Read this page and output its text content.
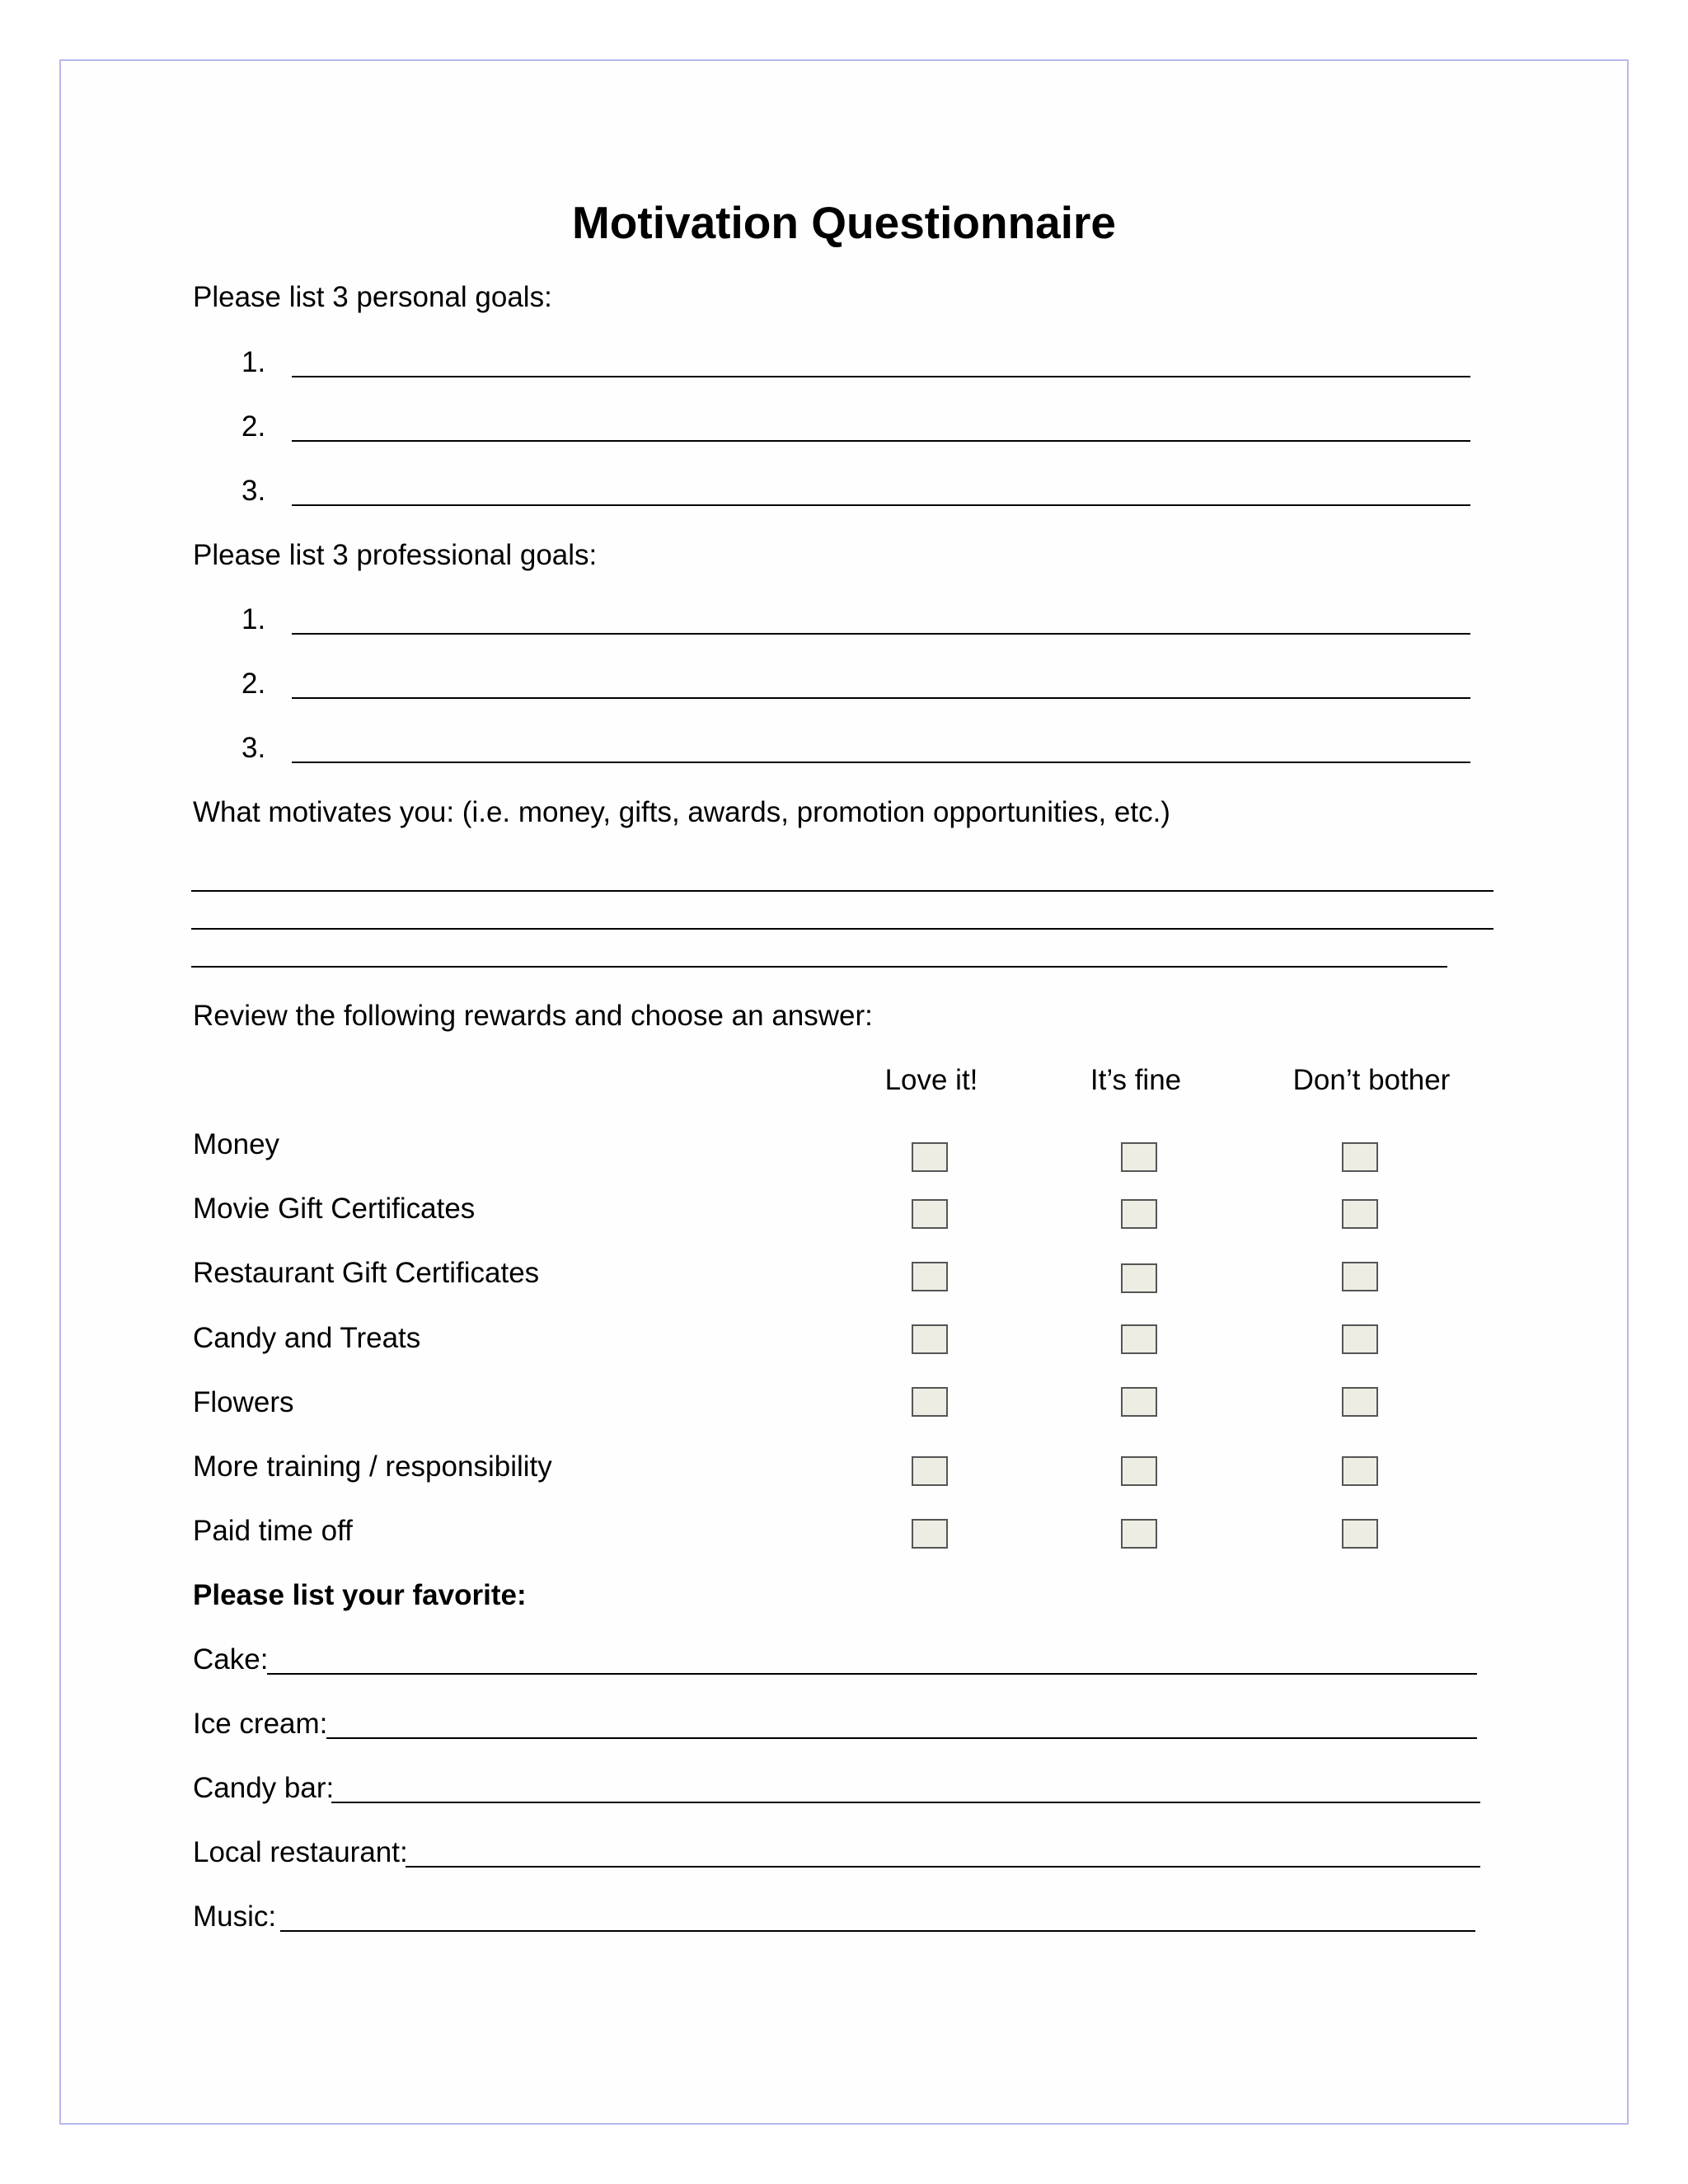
Motivation Questionnaire
Please list 3 personal goals:
1.
2.
3.
Please list 3 professional goals:
1.
2.
3.
What motivates you: (i.e. money, gifts, awards, promotion opportunities, etc.)
Review the following rewards and choose an answer:
Love it!	It’s fine	Don’t bother
Money
Movie Gift Certificates
Restaurant Gift Certificates
Candy and Treats
Flowers
More training / responsibility
Paid time off
Please list your favorite:
Cake:
Ice cream:
Candy bar:
Local restaurant:
Music:
